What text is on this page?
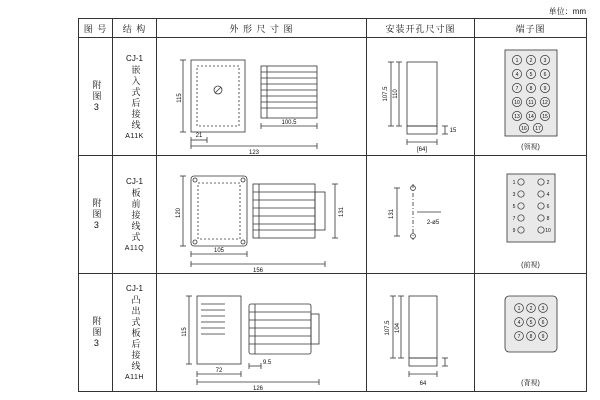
单位：mm
图 号	结 构	外 形 尺 寸 图	安装开孔尺寸图	端子图

附图3

CJ-1
嵌入式后接线
A11K

115
21
100.5
123

107.5 110
15
[64]

1 2 3
4 5 6
7 8 9
10 11 12
13 14 15
16 17
(领视)

附图3

CJ-1
板前接线式
A11Q

120	131
105
156

131
2-ø5

1	2
3	4
5	6
7	8
9	10
(前视)

附图3

CJ-1
凸出式板后接线
A11H

115
72
9.5
126

107.5 104
64

1 2 3
4 5 6
7 8 9
(背视)
